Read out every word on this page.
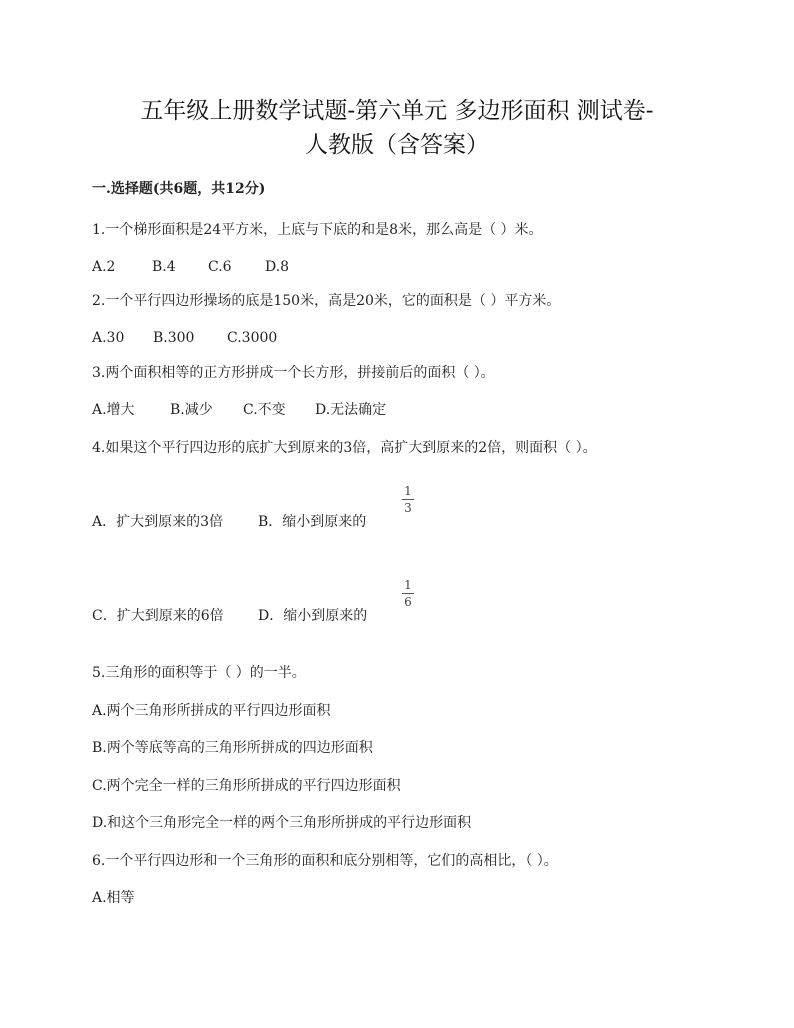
五年级上册数学试题-第六单元 多边形面积 测试卷-
人教版（含答案）
一.选择题(共6题，共12分)
1.一个梯形面积是24平方米，上底与下底的和是8米，那么高是（ ）米。
A.2	B.4 C.6 D.8
2.一个平行四边形操场的底是150米，高是20米，它的面积是（ ）平方米。
A.30 B.300 C.3000
3.两个面积相等的正方形拼成一个长方形，拼接前后的面积（ ）。
A.增大	B.减少 C.不变 D.无法确定
4.如果这个平行四边形的底扩大到原来的3倍，高扩大到原来的2倍，则面积（ ）。
A．扩大到原来的3倍 B．缩小到原来的
1
3
C．扩大到原来的6倍 D．缩小到原来的
1
6
5.三角形的面积等于（ ）的一半。
A.两个三角形所拼成的平行四边形面积
B.两个等底等高的三角形所拼成的四边形面积
C.两个完全一样的三角形所拼成的平行四边形面积
D.和这个三角形完全一样的两个三角形所拼成的平行边形面积
6.一个平行四边形和一个三角形的面积和底分别相等，它们的高相比，（ ）。
A.相等
